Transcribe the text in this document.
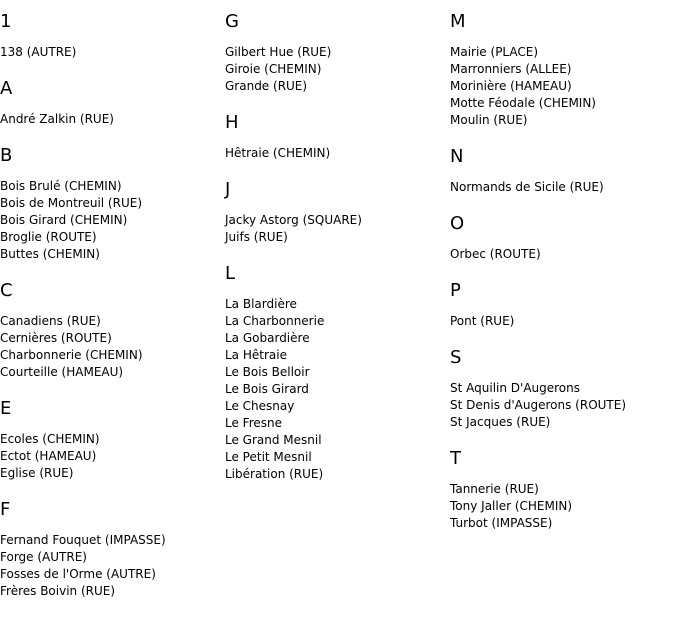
1
138 (AUTRE)
A
André Zalkin (RUE)
B
Bois Brulé (CHEMIN)
Bois de Montreuil (RUE)
Bois Girard (CHEMIN)
Broglie (ROUTE)
Buttes (CHEMIN)
C
Canadiens (RUE)
Cernières (ROUTE)
Charbonnerie (CHEMIN)
Courteille (HAMEAU)
E
Ecoles (CHEMIN)
Ectot (HAMEAU)
Eglise (RUE)
F
Fernand Fouquet (IMPASSE)
Forge (AUTRE)
Fosses de l'Orme (AUTRE)
Frères Boivin (RUE)
G
Gilbert Hue (RUE)
Giroie (CHEMIN)
Grande (RUE)
H
Hêtraie (CHEMIN)
J
Jacky Astorg (SQUARE)
Juifs (RUE)
L
La Blardière
La Charbonnerie
La Gobardière
La Hêtraie
Le Bois Belloir
Le Bois Girard
Le Chesnay
Le Fresne
Le Grand Mesnil
Le Petit Mesnil
Libération (RUE)
M
Mairie (PLACE)
Marronniers (ALLEE)
Morinière (HAMEAU)
Motte Féodale (CHEMIN)
Moulin (RUE)
N
Normands de Sicile (RUE)
O
Orbec (ROUTE)
P
Pont (RUE)
S
St Aquilin D'Augerons
St Denis d'Augerons (ROUTE)
St Jacques (RUE)
T
Tannerie (RUE)
Tony Jaller (CHEMIN)
Turbot (IMPASSE)
